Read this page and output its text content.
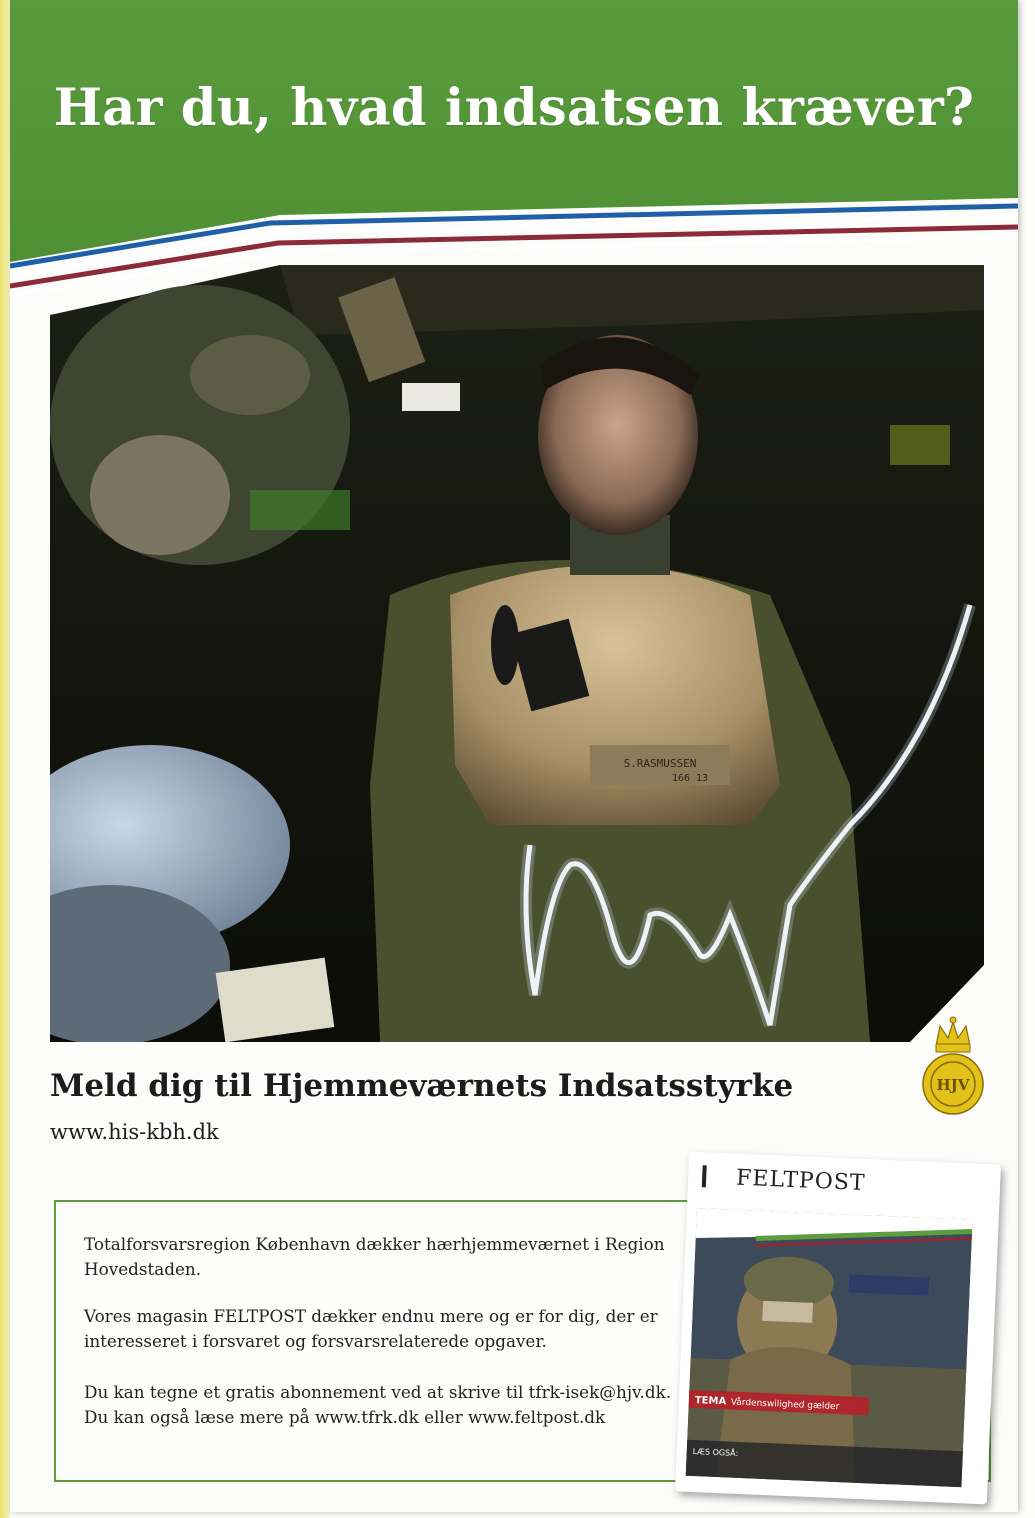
Har du, hvad indsatsen kræver?
S.RASMUSSEN
166 13
Meld dig til Hjemmeværnets Indsatsstyrke
www.his-kbh.dk
HJV

Totalforsvarsregion København dækker hærhjemmeværnet i Region Hovedstaden.

Vores magasin FELTPOST dækker endnu mere og er for dig, der er interesseret i forsvaret og forsvarsrelaterede opgaver.

Du kan tegne et gratis abonnement ved at skrive til tfrk-isek@hjv.dk. Du kan også læse mere på www.tfrk.dk eller www.feltpost.dk

FELTPOST
TEMA Vårdenswilighed gælder
LÆS OGSÅ:
